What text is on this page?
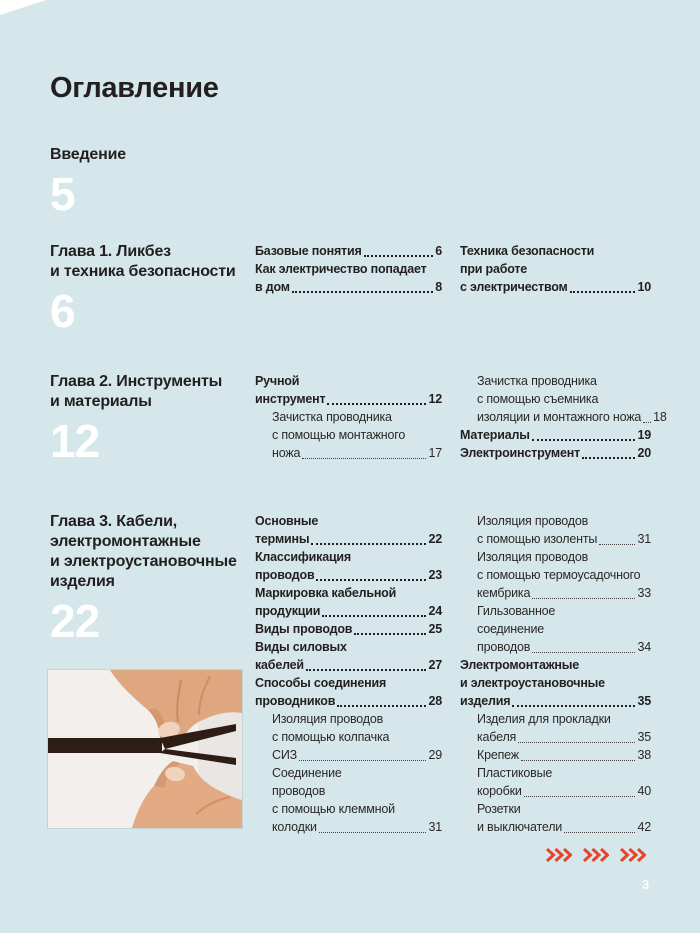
Оглавление
Введение
5
Глава 1. Ликбез
и техника безопасности
6
Базовые понятия	6
Как электричество попадает
в дом	8
Техника безопасности
при работе
с электричеством	10
Глава 2. Инструменты
и материалы
12
Ручной
инструмент	12
Зачистка проводника
с помощью монтажного
ножа	17
Зачистка проводника
с помощью съемника
изоляции и монтажного ножа 18
Материалы	19
Электроинструмент	20
Глава 3. Кабели,
электромонтажные
и электроустановочные
изделия
22
Основные
термины	22
Классификация
проводов	23
Маркировка кабельной
продукции	24
Виды проводов	25
Виды силовых
кабелей	27
Способы соединения
проводников	28
Изоляция проводов
с помощью колпачка
СИЗ	29
Соединение
проводов
с помощью клеммной
колодки	31
Изоляция проводов
с помощью изоленты	31
Изоляция проводов
с помощью термоусадочного
кембрика	33
Гильзованное
соединение
проводов	34
Электромонтажные
и электроустановочные
изделия	35
Изделия для прокладки
кабеля	35
Крепеж	38
Пластиковые
коробки	40
Розетки
и выключатели	42
3
